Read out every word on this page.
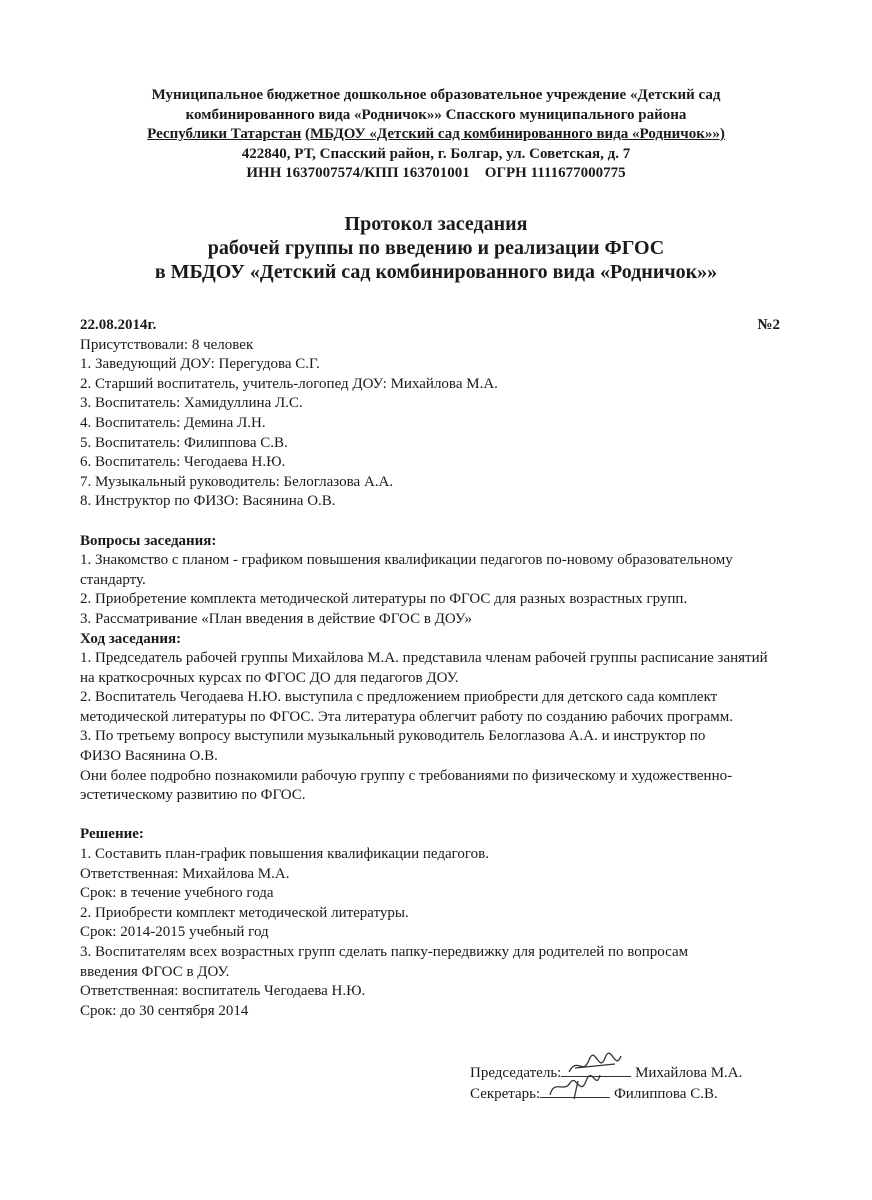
Муниципальное бюджетное дошкольное образовательное учреждение «Детский сад
комбинированного вида «Родничок»» Спасского муниципального района
Республики Татарстан (МБДОУ «Детский сад комбинированного вида «Родничок»»)
422840, РТ, Спасский район, г. Болгар, ул. Советская, д. 7
ИНН 1637007574/КПП 163701001    ОГРН 1111677000775
Протокол заседания
рабочей группы по введению и реализации ФГОС
в МБДОУ «Детский сад комбинированного вида «Родничок»»
22.08.2014г.	№2
Присутствовали: 8 человек
1. Заведующий ДОУ: Перегудова С.Г.
2. Старший воспитатель, учитель-логопед ДОУ: Михайлова М.А.
3. Воспитатель: Хамидуллина Л.С.
4. Воспитатель: Демина Л.Н.
5. Воспитатель: Филиппова С.В.
6. Воспитатель: Чегодаева Н.Ю.
7. Музыкальный руководитель: Белоглазова А.А.
8. Инструктор по ФИЗО: Васянина О.В.
Вопросы заседания:
1. Знакомство с планом - графиком повышения квалификации педагогов по-новому образовательному стандарту.
2. Приобретение комплекта методической литературы по ФГОС для разных возрастных групп.
3. Рассматривание «План введения в действие ФГОС в ДОУ»
Ход заседания:
1. Председатель рабочей группы Михайлова М.А. представила членам рабочей группы расписание занятий на краткосрочных курсах по ФГОС ДО для педагогов ДОУ.
2. Воспитатель Чегодаева Н.Ю. выступила с предложением приобрести для детского сада комплект методической литературы по ФГОС. Эта литература облегчит работу по созданию рабочих программ.
3. По третьему вопросу выступили музыкальный руководитель Белоглазова А.А. и инструктор по ФИЗО Васянина О.В.
Они более подробно познакомили рабочую группу с требованиями по физическому и художественно-эстетическому развитию по ФГОС.
Решение:
1. Составить план-график повышения квалификации педагогов.
Ответственная: Михайлова М.А.
Срок: в течение учебного года
2. Приобрести комплект методической литературы.
Срок: 2014-2015 учебный год
3. Воспитателям всех возрастных групп сделать папку-передвижку для родителей по вопросам введения ФГОС в ДОУ.
Ответственная: воспитатель Чегодаева Н.Ю.
Срок: до 30 сентября 2014
Председатель:	Михайлова М.А.
Секретарь:	Филиппова С.В.
